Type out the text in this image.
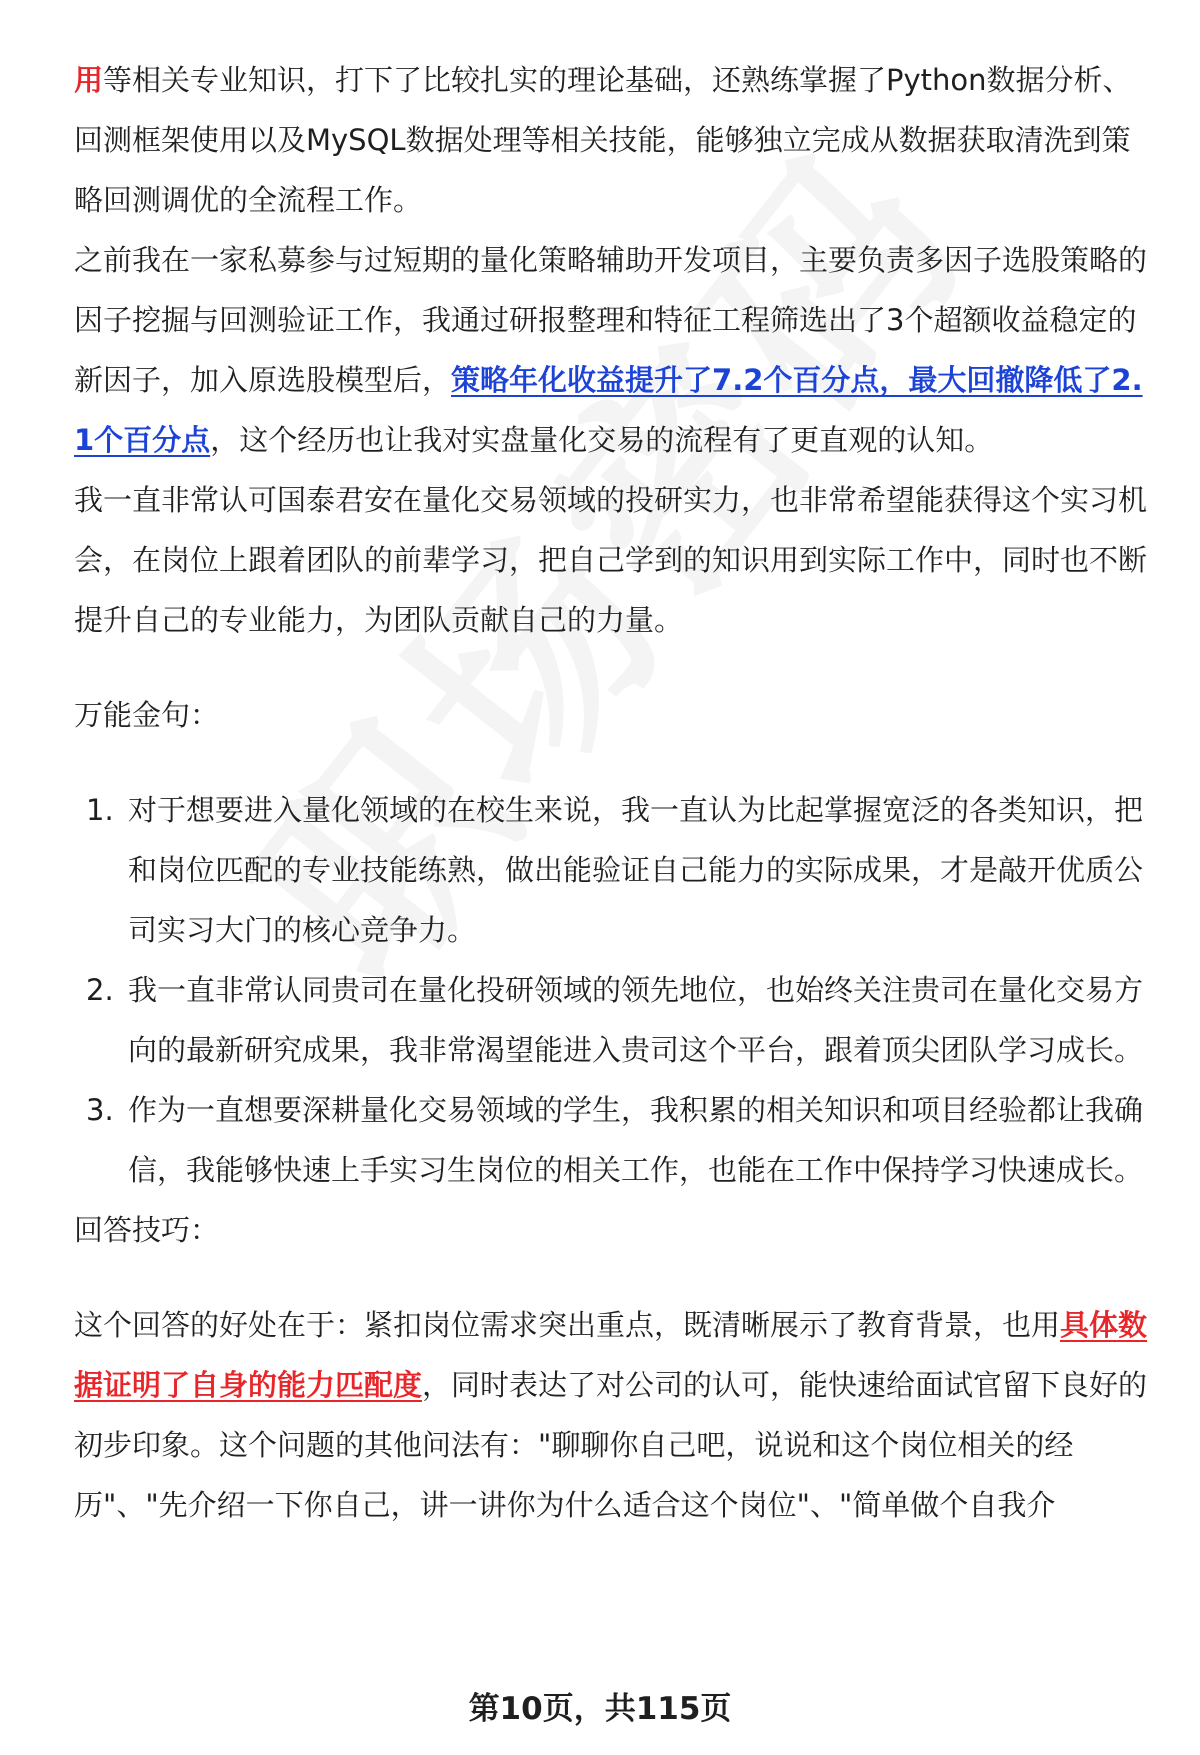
用等相关专业知识，打下了比较扎实的理论基础，还熟练掌握了Python数据分析、回测框架使用以及MySQL数据处理等相关技能，能够独立完成从数据获取清洗到策略回测调优的全流程工作。

之前我在一家私募参与过短期的量化策略辅助开发项目，主要负责多因子选股策略的因子挖掘与回测验证工作，我通过研报整理和特征工程筛选出了3个超额收益稳定的新因子，加入原选股模型后，策略年化收益提升了7.2个百分点，最大回撤降低了2.1个百分点，这个经历也让我对实盘量化交易的流程有了更直观的认知。

我一直非常认可国泰君安在量化交易领域的投研实力，也非常希望能获得这个实习机会，在岗位上跟着团队的前辈学习，把自己学到的知识用到实际工作中，同时也不断提升自己的专业能力，为团队贡献自己的力量。

万能金句：

1. 对于想要进入量化领域的在校生来说，我一直认为比起掌握宽泛的各类知识，把和岗位匹配的专业技能练熟，做出能验证自己能力的实际成果，才是敲开优质公司实习大门的核心竞争力。
2. 我一直非常认同贵司在量化投研领域的领先地位，也始终关注贵司在量化交易方向的最新研究成果，我非常渴望能进入贵司这个平台，跟着顶尖团队学习成长。
3. 作为一直想要深耕量化交易领域的学生，我积累的相关知识和项目经验都让我确信，我能够快速上手实习生岗位的相关工作，也能在工作中保持学习快速成长。

回答技巧：

这个回答的好处在于：紧扣岗位需求突出重点，既清晰展示了教育背景，也用具体数据证明了自身的能力匹配度，同时表达了对公司的认可，能快速给面试官留下良好的初步印象。这个问题的其他问法有："聊聊你自己吧，说说和这个岗位相关的经历"、"先介绍一下你自己，讲一讲你为什么适合这个岗位"、"简单做个自我介

第10页，共115页
